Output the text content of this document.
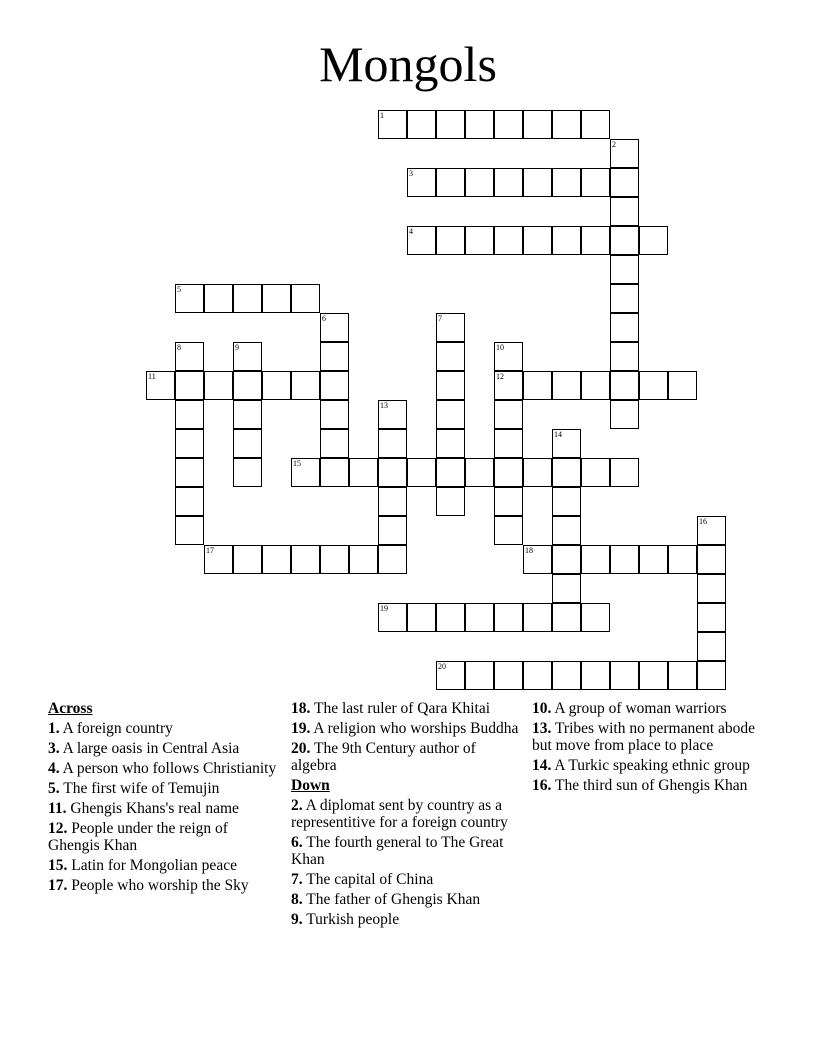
Mongols
1
2
3
4
5
6	7
8	9	10
12
11
13
14
15
16
17	18
19
20
Across
1. A foreign country
3. A large oasis in Central Asia
4. A person who follows Christianity
5. The first wife of Temujin
11. Ghengis Khans's real name
12. People under the reign of Ghengis Khan
15. Latin for Mongolian peace
17. People who worship the Sky
18. The last ruler of Qara Khitai
19. A religion who worships Buddha
20. The 9th Century author of algebra
Down
2. A diplomat sent by country as a representitive for a foreign country
6. The fourth general to The Great Khan
7. The capital of China
8. The father of Ghengis Khan
9. Turkish people
10. A group of woman warriors
13. Tribes with no permanent abode but move from place to place
14. A Turkic speaking ethnic group
16. The third sun of Ghengis Khan
